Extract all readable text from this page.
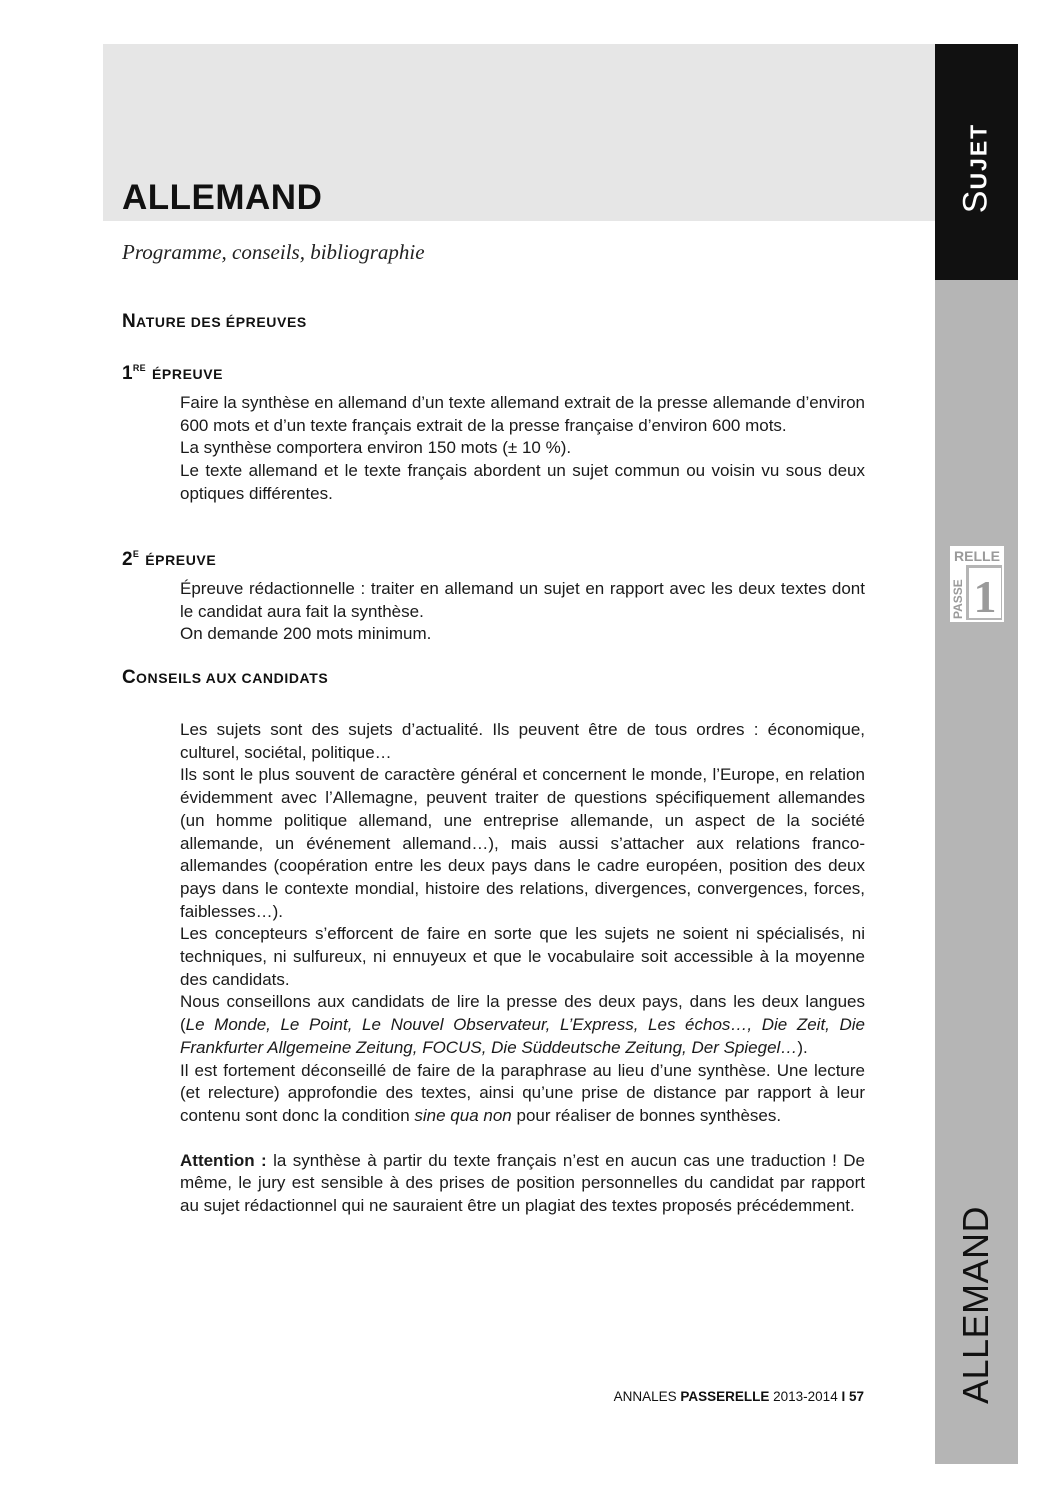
ALLEMAND

Programme, conseils, bibliographie

NATURE DES ÉPREUVES
1RE ÉPREUVE

Faire la synthèse en allemand d’un texte allemand extrait de la presse allemande d’environ 600 mots et d’un texte français extrait de la presse française d’environ 600 mots.

La synthèse comportera environ 150 mots (± 10 %).

Le texte allemand et le texte français abordent un sujet commun ou voisin vu sous deux optiques différentes.

$2^E$ ÉPREUVE

Épreuve rédactionnelle : traiter en allemand un sujet en rapport avec les deux textes dont le candidat aura fait la synthèse.

On demande 200 mots minimum.

CONSEILS AUX CANDIDATS

Les sujets sont des sujets d’actualité. Ils peuvent être de tous ordres : économique, culturel, sociétal, politique…

Ils sont le plus souvent de caractère général et concernent le monde, l’Europe, en relation évidemment avec l’Allemagne, peuvent traiter de questions spécifiquement allemandes (un homme politique allemand, une entreprise allemande, un aspect de la société allemande, un événement allemand…), mais aussi s’attacher aux relations franco-allemandes (coopération entre les deux pays dans le cadre européen, position des deux pays dans le contexte mondial, histoire des relations, divergences, convergences, forces, faiblesses…).

Les concepteurs s’efforcent de faire en sorte que les sujets ne soient ni spécialisés, ni techniques, ni sulfureux, ni ennuyeux et que le vocabulaire soit accessible à la moyenne des candidats.

Nous conseillons aux candidats de lire la presse des deux pays, dans les deux langues (Le Monde, Le Point, Le Nouvel Observateur, L’Express, Les échos…, Die Zeit, Die Frankfurter Allgemeine Zeitung, FOCUS, Die Süddeutsche Zeitung, Der Spiegel…).

Il est fortement déconseillé de faire de la paraphrase au lieu d’une synthèse. Une lecture (et relecture) approfondie des textes, ainsi qu’une prise de distance par rapport à leur contenu sont donc la condition sine qua non pour réaliser de bonnes synthèses.

Attention : la synthèse à partir du texte français n’est en aucun cas une traduction ! De même, le jury est sensible à des prises de position personnelles du candidat par rapport au sujet rédactionnel qui ne sauraient être un plagiat des textes proposés précédemment.

ANNALES PASSERELLE 2013-2014 I 57
SUJET
ALLEMAND
RELLE
PASSE 1
